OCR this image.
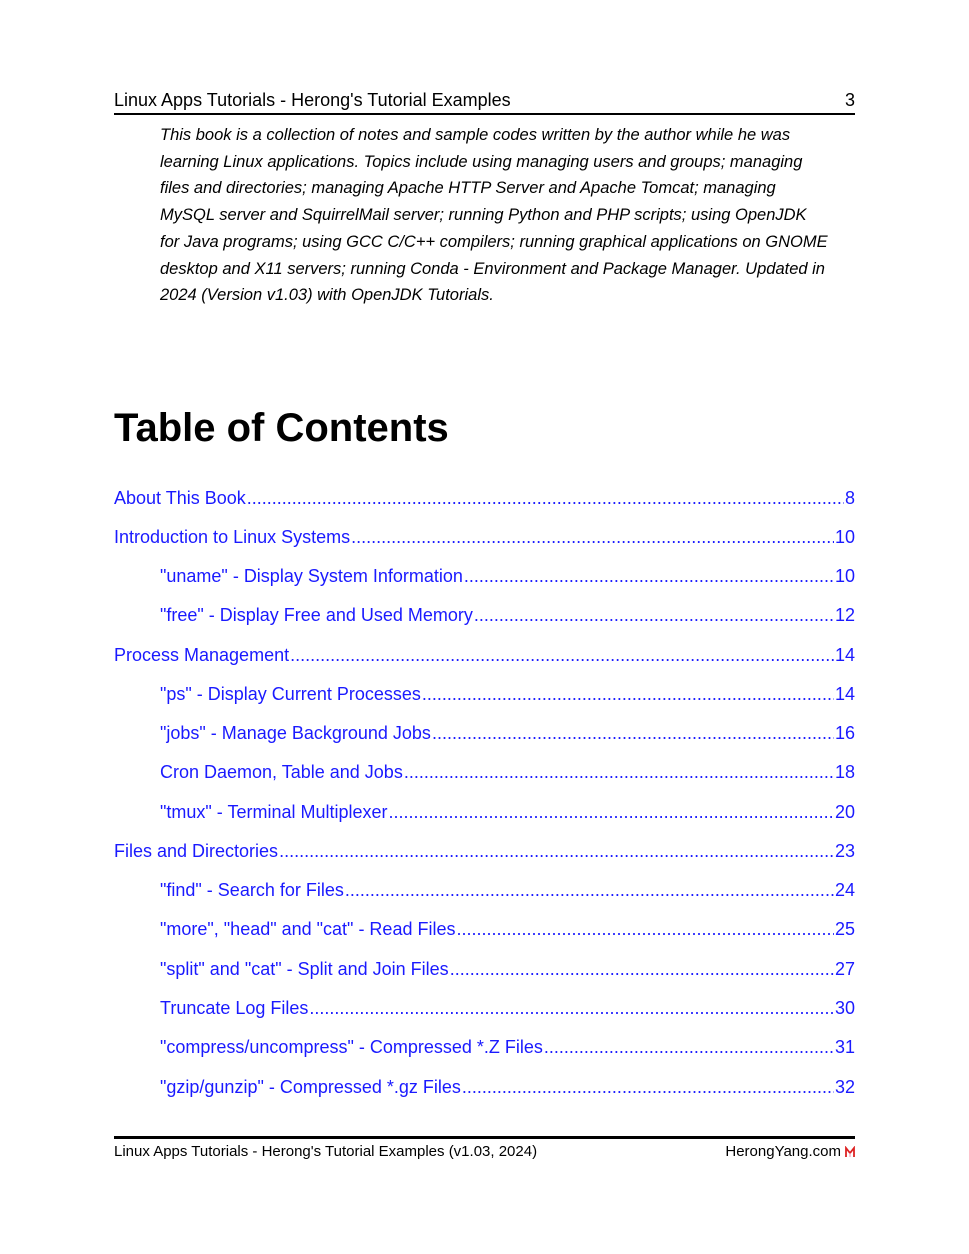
Linux Apps Tutorials - Herong's Tutorial Examples	3
This book is a collection of notes and sample codes written by the author while he was
learning Linux applications. Topics include using managing users and groups; managing
files and directories; managing Apache HTTP Server and Apache Tomcat; managing
MySQL server and SquirrelMail server; running Python and PHP scripts; using OpenJDK
for Java programs; using GCC C/C++ compilers; running graphical applications on GNOME
desktop and X11 servers; running Conda - Environment and Package Manager. Updated in
2024 (Version v1.03) with OpenJDK Tutorials.
Table of Contents
About This Book .....	8
Introduction to Linux Systems .....	10
"uname" - Display System Information .....	10
"free" - Display Free and Used Memory .....	12
Process Management .....	14
"ps" - Display Current Processes .....	14
"jobs" - Manage Background Jobs .....	16
Cron Daemon, Table and Jobs .....	18
"tmux" - Terminal Multiplexer .....	20
Files and Directories .....	23
"find" - Search for Files .....	24
"more", "head" and "cat" - Read Files .....	25
"split" and "cat" - Split and Join Files .....	27
Truncate Log Files .....	30
"compress/uncompress" - Compressed *.Z Files .....	31
"gzip/gunzip" - Compressed *.gz Files .....	32
Linux Apps Tutorials - Herong's Tutorial Examples (v1.03, 2024)	HerongYang.com
